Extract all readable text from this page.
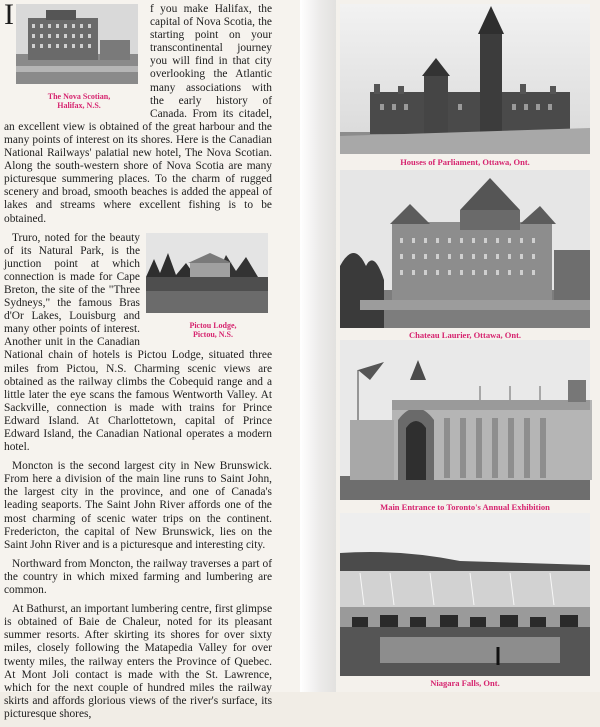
I
The Nova Scotian,
Halifax, N.S.
f you make Halifax, the capital of Nova Scotia, the starting point on your transcontinental journey you will find in that city overlooking the Atlantic many associations with the early history of Canada. From its citadel, an excellent view is obtained of the great harbour and the many points of interest on its shores. Here is the Canadian National Railways' palatial new hotel, The Nova Scotian. Along the south-western shore of Nova Scotia are many picturesque summering places. To the charm of rugged scenery and broad, smooth beaches is added the appeal of lakes and streams where excellent fishing is to be obtained.

Pictou Lodge,
Pictou, N.S.
Truro, noted for the beauty of its Natural Park, is the junction point at which connection is made for Cape Breton, the site of the "Three Sydneys," the famous Bras d'Or Lakes, Louisburg and many other points of interest. Another unit in the Canadian National chain of hotels is Pictou Lodge, situated three miles from Pictou, N.S. Charming scenic views are obtained as the railway climbs the Cobequid range and a little later the eye scans the famous Wentworth Valley. At Sackville, connection is made with trains for Prince Edward Island. At Charlottetown, capital of Prince Edward Island, the Canadian National operates a modern hotel.

Moncton is the second largest city in New Brunswick. From here a division of the main line runs to Saint John, the largest city in the province, and one of Canada's leading seaports. The Saint John River affords one of the most charming of scenic water trips on the continent. Fredericton, the capital of New Brunswick, lies on the Saint John River and is a picturesque and interesting city.

Northward from Moncton, the railway traverses a part of the country in which mixed farming and lumbering are common.

At Bathurst, an important lumbering centre, first glimpse is obtained of Baie de Chaleur, noted for its pleasant summer resorts. After skirting its shores for over sixty miles, closely following the Matapedia Valley for over twenty miles, the railway enters the Province of Quebec. At Mont Joli contact is made with the St. Lawrence, which for the next couple of hundred miles the railway skirts and affords glorious views of the river's surface, its picturesque shores,

Houses of Parliament, Ottawa, Ont.
Chateau Laurier, Ottawa, Ont.
Main Entrance to Toronto's Annual Exhibition
Niagara Falls, Ont.
